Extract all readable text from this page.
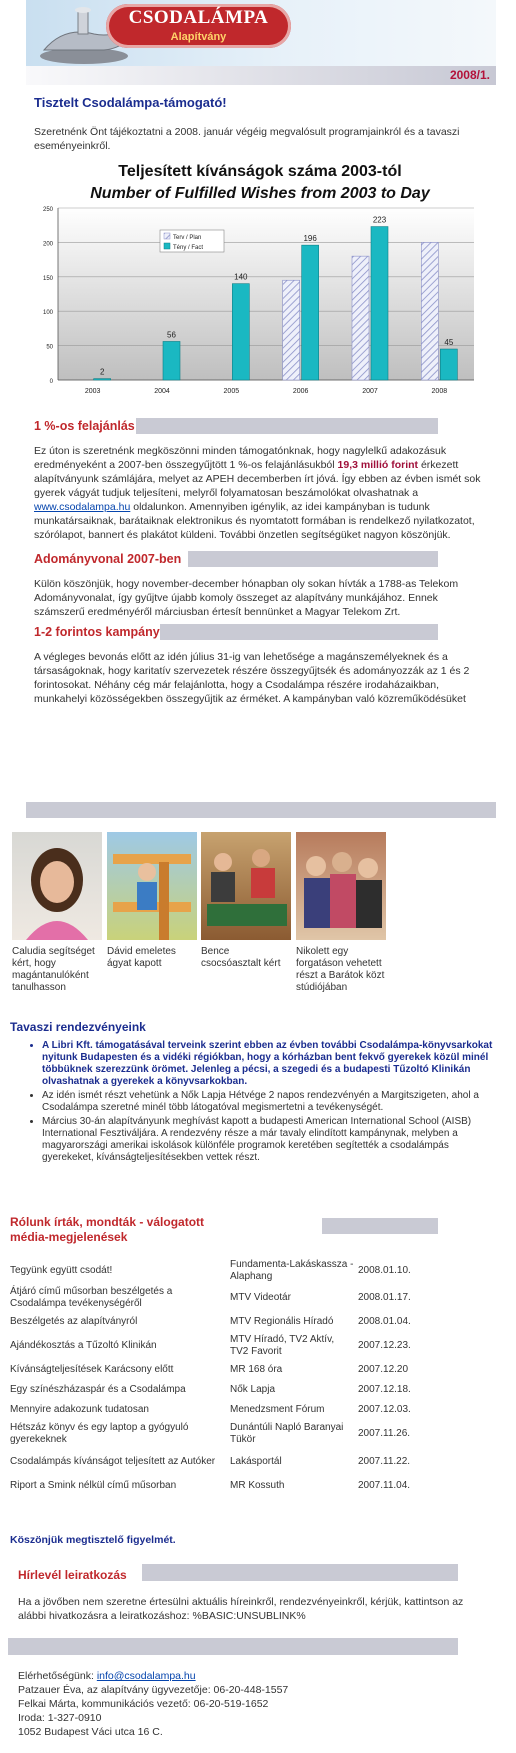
CSODALÁMPA
Alapítvány
2008/1.
Tisztelt Csodalámpa-támogató!
Szeretnénk Önt tájékoztatni a 2008. január végéig megvalósult programjainkról és a tavaszi eseményeinkről.
Teljesített kívánságok száma 2003-tól
Number of Fulfilled Wishes from 2003 to Day
0
50
100
150
200
250
2003
2
2004
56
2005
140
2006
196
2007
223
2008
45
Terv / Plan
Tény / Fact
1 %-os felajánlás
Ez úton is szeretnénk megköszönni minden támogatónknak, hogy nagylelkű adakozásuk eredményeként a 2007-ben összegyűjtött 1 %-os felajánlásukból 19,3 millió forint érkezett alapítványunk számlájára, melyet az APEH decemberben írt jóvá. Így ebben az évben ismét sok gyerek vágyát tudjuk teljesíteni, melyről folyamatosan beszámolókat olvashatnak a www.csodalampa.hu oldalunkon. Amennyiben igénylik, az idei kampányban is tudunk munkatársaiknak, barátaiknak elektronikus és nyomtatott formában is rendelkező nyilatkozatot, szórólapot, bannert és plakátot küldeni. További önzetlen segítségüket nagyon köszönjük.
Adományvonal 2007-ben
Külön köszönjük, hogy november-december hónapban oly sokan hívták a 1788-as Telekom Adományvonalat, így gyűjtve újabb komoly összeget az alapítvány munkájához. Ennek számszerű eredményéről márciusban értesít bennünket a Magyar Telekom Zrt.
1-2 forintos kampány
A végleges bevonás előtt az idén július 31-ig van lehetősége a magánszemélyeknek és a társaságoknak, hogy karitatív szervezetek részére összegyűjtsék és adományozzák az 1 és 2 forintosokat. Néhány cég már felajánlotta, hogy a Csodalámpa részére irodaházaikban, munkahelyi közösségekben összegyűjtik az érméket. A kampányban való közreműködésüket
Caludia segítséget kért, hogy magántanulóként tanulhasson
Dávid emeletes ágyat kapott
Bence csocsóasztalt kért
Nikolett egy forgatáson vehetett részt a Barátok közt stúdiójában
Tavaszi rendezvényeink
• A Libri Kft. támogatásával terveink szerint ebben az évben további Csodalámpa-könyvsarkokat nyitunk Budapesten és a vidéki régiókban, hogy a kórházban bent fekvő gyerekek közül minél többüknek szerezzünk örömet. Jelenleg a pécsi, a szegedi és a budapesti Tűzoltó Klinikán olvashatnak a gyerekek a könyvsarkokban.
• Az idén ismét részt vehetünk a Nők Lapja Hétvége 2 napos rendezvényén a Margitszigeten, ahol a Csodalámpa szeretné minél több látogatóval megismertetni a tevékenységét.
• Március 30-án alapítványunk meghívást kapott a budapesti American International School (AISB) International Fesztiváljára. A rendezvény része a már tavaly elindított kampánynak, melyben a magyarországi amerikai iskolások különféle programok keretében segítették a csodalámpás gyerekeket, kívánságteljesítésekben vettek részt.
Rólunk írták, mondták - válogatott média-megjelenések
Tegyünk együtt csodát!	Fundamenta-Lakáskassza - Alaphang	2008.01.10.
Átjáró című műsorban beszélgetés a Csodalámpa tevékenységéről	MTV Videotár	2008.01.17.
Beszélgetés az alapítványról	MTV Regionális Híradó	2008.01.04.
Ajándékosztás a Tűzoltó Klinikán	MTV Híradó, TV2 Aktív, TV2 Favorit	2007.12.23.
Kívánságteljesítések Karácsony előtt	MR 168 óra	2007.12.20
Egy színészházaspár és a Csodalámpa	Nők Lapja	2007.12.18.
Mennyire adakozunk tudatosan	Menedzsment Fórum	2007.12.03.
Hétszáz könyv és egy laptop a gyógyuló gyerekeknek	Dunántúli Napló Baranyai Tükör	2007.11.26.
Csodalámpás kívánságot teljesített az Autóker	Lakásportál	2007.11.22.
Riport a Smink nélkül című műsorban	MR Kossuth	2007.11.04.
Köszönjük megtisztelő figyelmét.
Hírlevél leiratkozás
Ha a jövőben nem szeretne értesülni aktuális híreinkről, rendezvényeinkről, kérjük, kattintson az alábbi hivatkozásra a leiratkozáshoz: %BASIC:UNSUBLINK%
Elérhetőségünk: info@csodalampa.hu
Patzauer Éva, az alapítvány ügyvezetője: 06-20-448-1557
Felkai Márta, kommunikációs vezető: 06-20-519-1652
Iroda: 1-327-0910
1052 Budapest Váci utca 16 C.
